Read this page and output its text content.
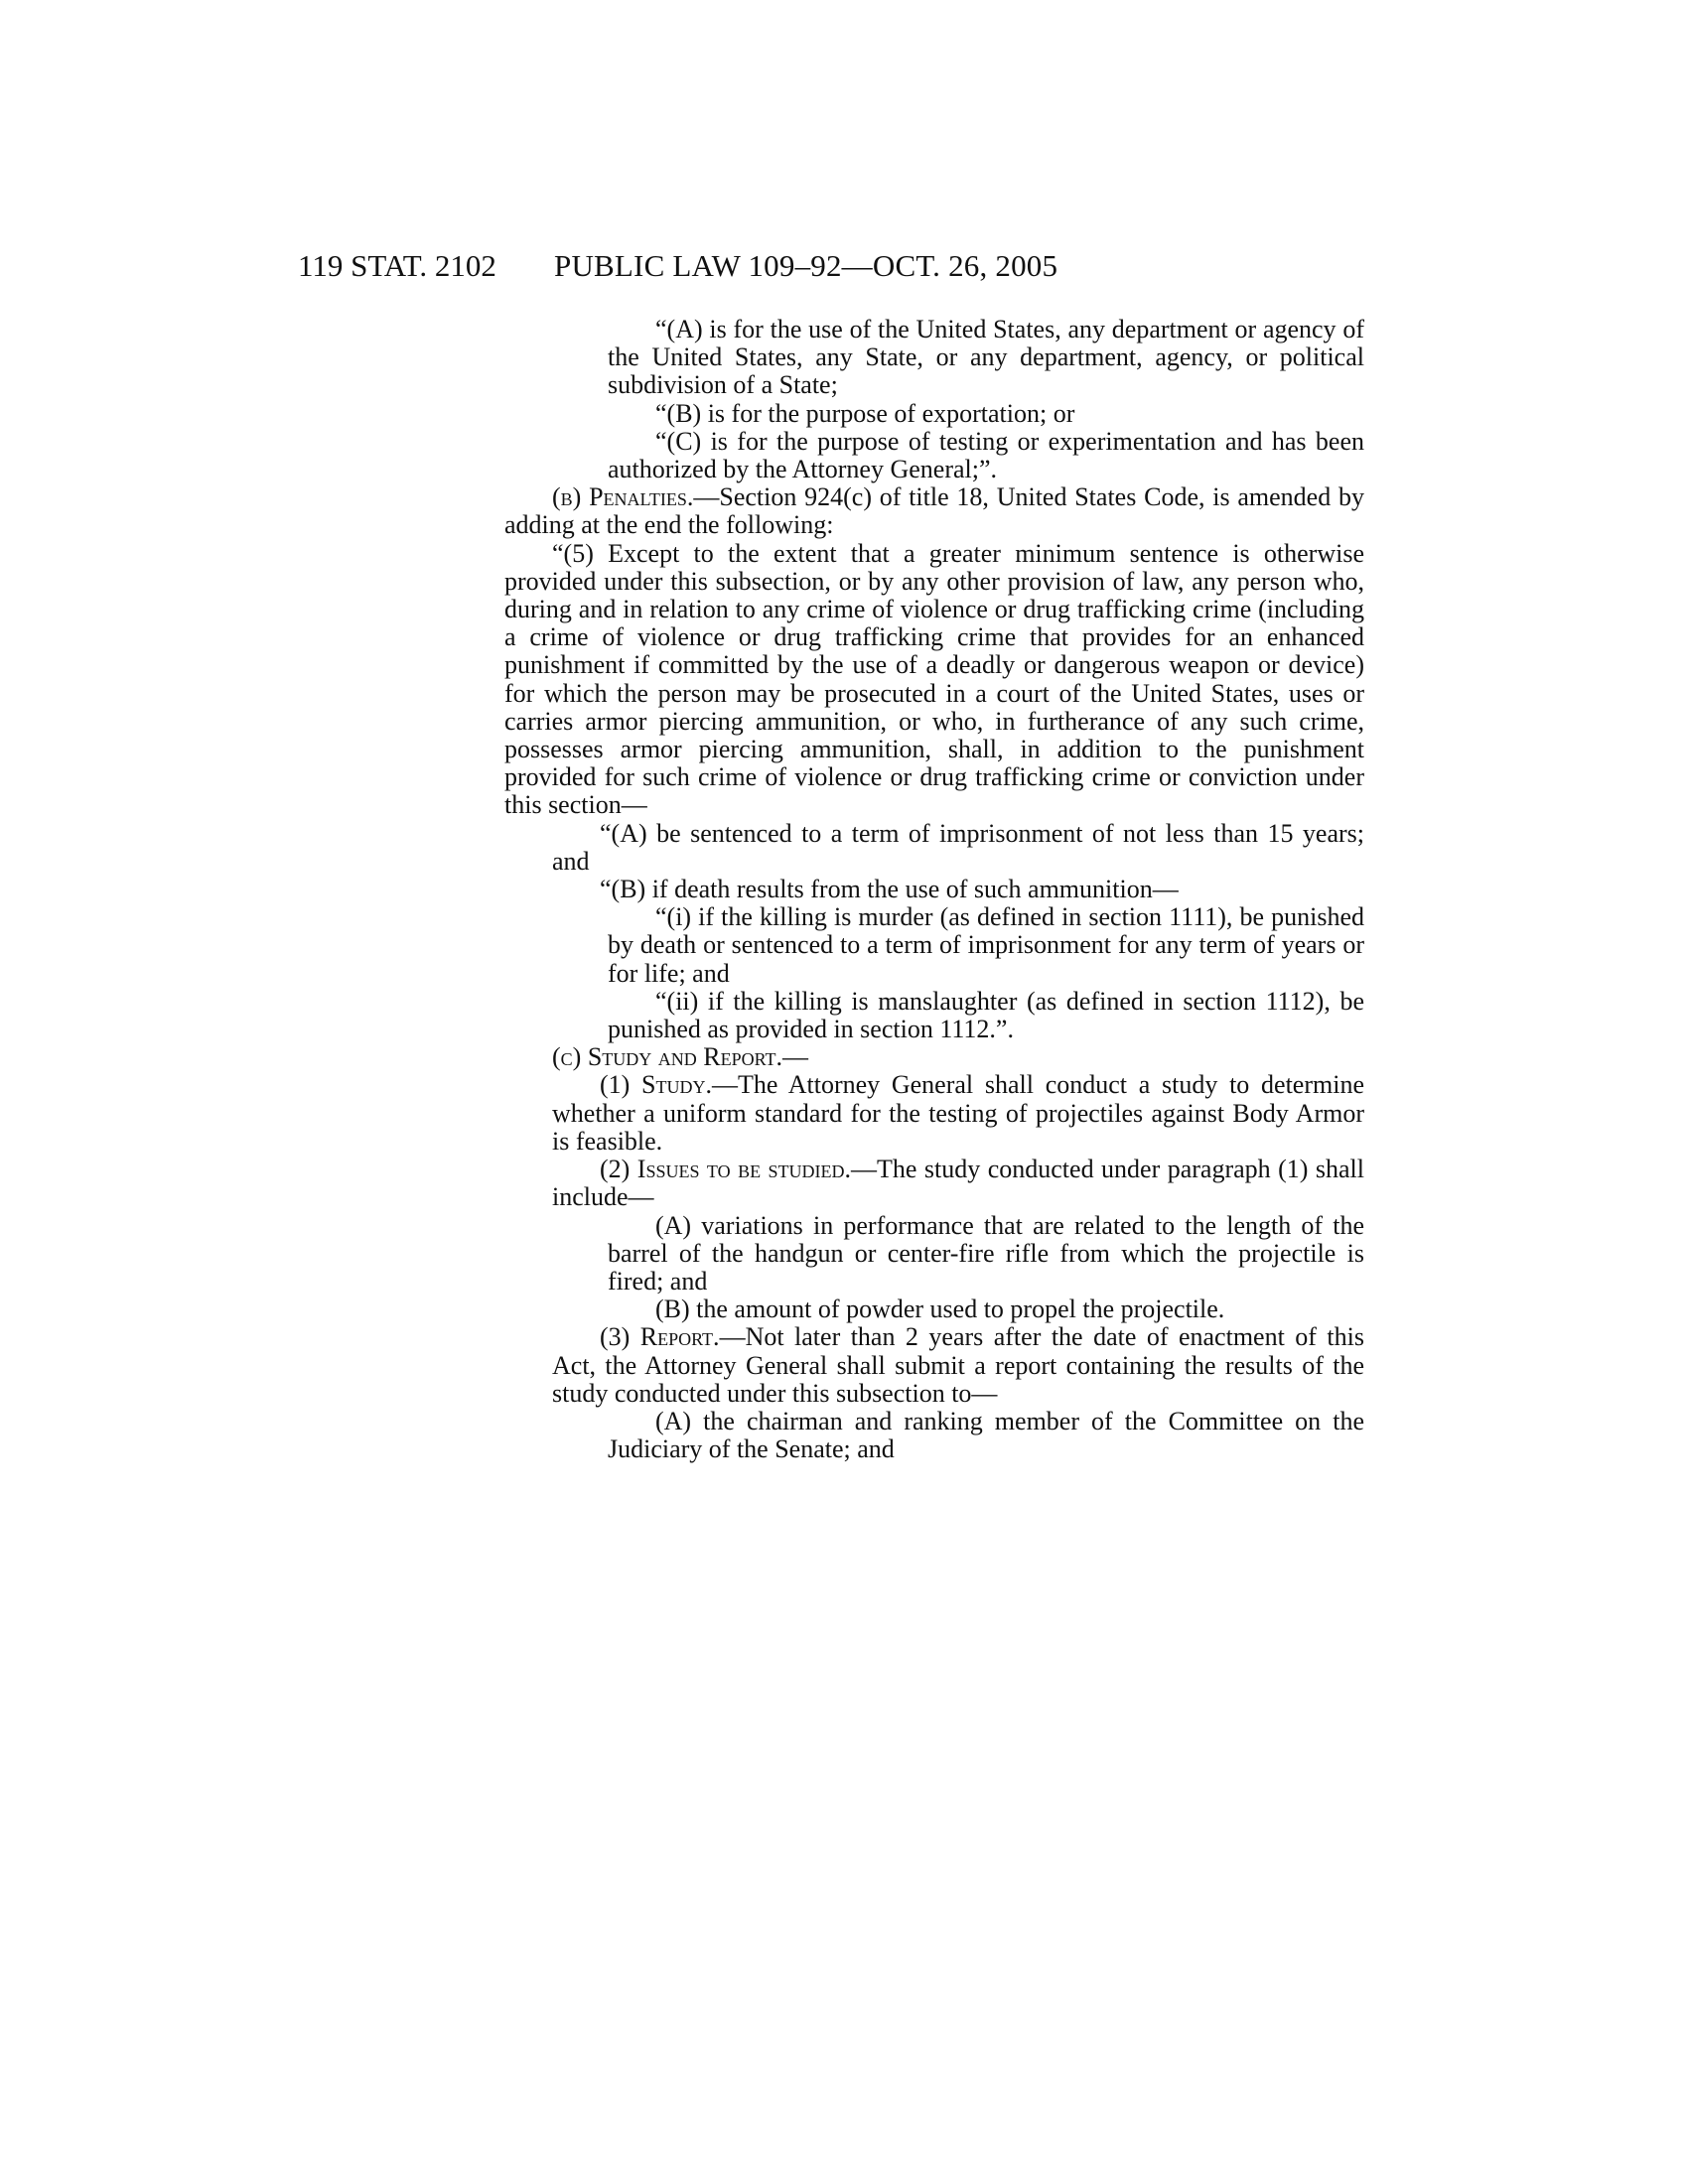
119 STAT. 2102 PUBLIC LAW 109–92—OCT. 26, 2005

“(A) is for the use of the United States, any department or agency of the United States, any State, or any department, agency, or political subdivision of a State;

“(B) is for the purpose of exportation; or

“(C) is for the purpose of testing or experimentation and has been authorized by the Attorney General;”.

(b) Penalties.—Section 924(c) of title 18, United States Code, is amended by adding at the end the following:

“(5) Except to the extent that a greater minimum sentence is otherwise provided under this subsection, or by any other provision of law, any person who, during and in relation to any crime of violence or drug trafficking crime (including a crime of violence or drug trafficking crime that provides for an enhanced punishment if committed by the use of a deadly or dangerous weapon or device) for which the person may be prosecuted in a court of the United States, uses or carries armor piercing ammunition, or who, in furtherance of any such crime, possesses armor piercing ammunition, shall, in addition to the punishment provided for such crime of violence or drug trafficking crime or conviction under this section—

“(A) be sentenced to a term of imprisonment of not less than 15 years; and

“(B) if death results from the use of such ammunition—

“(i) if the killing is murder (as defined in section 1111), be punished by death or sentenced to a term of imprisonment for any term of years or for life; and

“(ii) if the killing is manslaughter (as defined in section 1112), be punished as provided in section 1112.”.

(c) Study and Report.—

(1) Study.—The Attorney General shall conduct a study to determine whether a uniform standard for the testing of projectiles against Body Armor is feasible.

(2) Issues to be studied.—The study conducted under paragraph (1) shall include—

(A) variations in performance that are related to the length of the barrel of the handgun or center-fire rifle from which the projectile is fired; and

(B) the amount of powder used to propel the projectile.

(3) Report.—Not later than 2 years after the date of enactment of this Act, the Attorney General shall submit a report containing the results of the study conducted under this subsection to—

(A) the chairman and ranking member of the Committee on the Judiciary of the Senate; and
